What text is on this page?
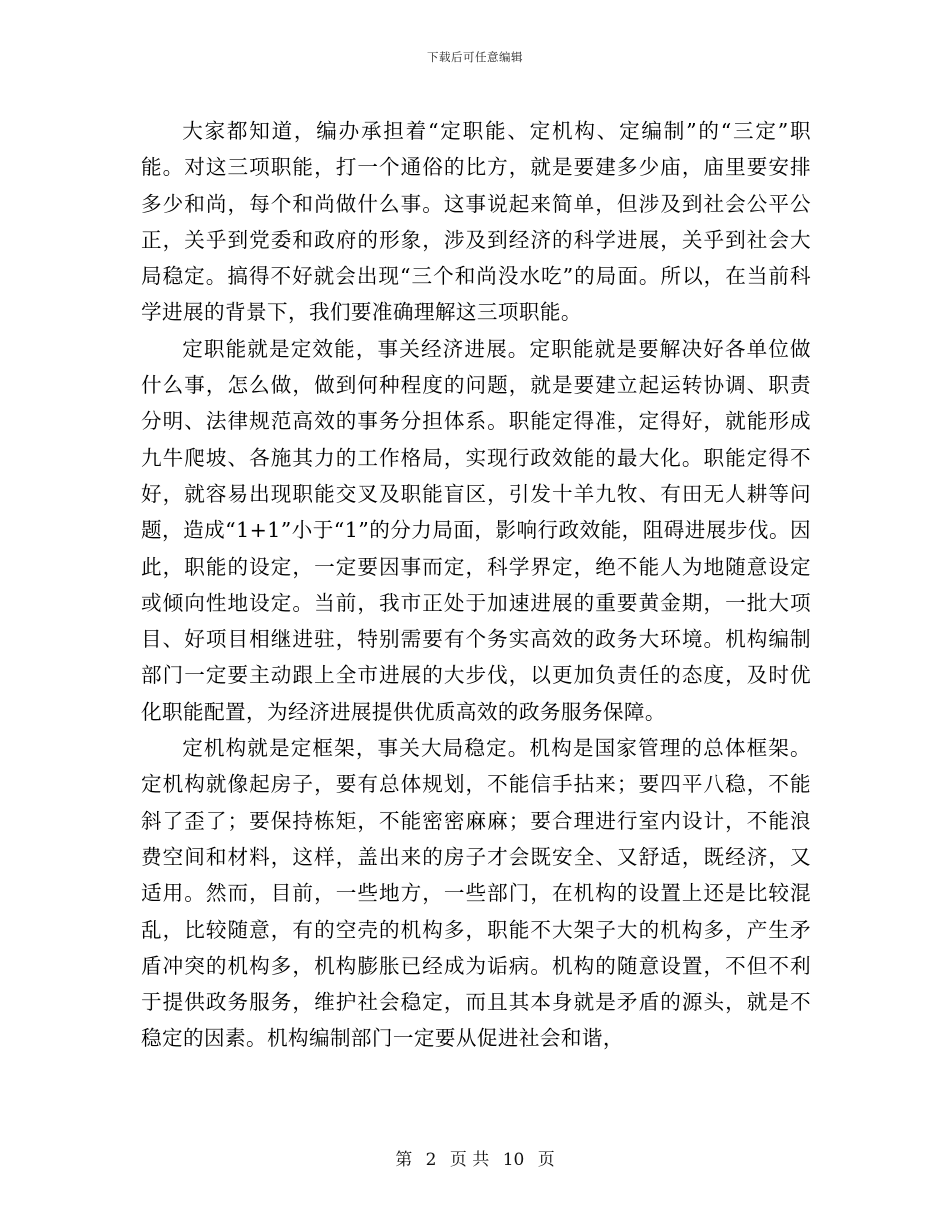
下载后可任意编辑

大家都知道，编办承担着“定职能、定机构、定编制”的“三定”职能。对这三项职能，打一个通俗的比方，就是要建多少庙，庙里要安排多少和尚，每个和尚做什么事。这事说起来简单，但涉及到社会公平公正，关乎到党委和政府的形象，涉及到经济的科学进展，关乎到社会大局稳定。搞得不好就会出现“三个和尚没水吃”的局面。所以，在当前科学进展的背景下，我们要准确理解这三项职能。

定职能就是定效能，事关经济进展。定职能就是要解决好各单位做什么事，怎么做，做到何种程度的问题，就是要建立起运转协调、职责分明、法律规范高效的事务分担体系。职能定得准，定得好，就能形成九牛爬坡、各施其力的工作格局，实现行政效能的最大化。职能定得不好，就容易出现职能交叉及职能盲区，引发十羊九牧、有田无人耕等问题，造成“1+1”小于“1”的分力局面，影响行政效能，阻碍进展步伐。因此，职能的设定，一定要因事而定，科学界定，绝不能人为地随意设定或倾向性地设定。当前，我市正处于加速进展的重要黄金期，一批大项目、好项目相继进驻，特别需要有个务实高效的政务大环境。机构编制部门一定要主动跟上全市进展的大步伐，以更加负责任的态度，及时优化职能配置，为经济进展提供优质高效的政务服务保障。

定机构就是定框架，事关大局稳定。机构是国家管理的总体框架。定机构就像起房子，要有总体规划，不能信手拈来；要四平八稳，不能斜了歪了；要保持栋矩，不能密密麻麻；要合理进行室内设计，不能浪费空间和材料，这样，盖出来的房子才会既安全、又舒适，既经济，又适用。然而，目前，一些地方，一些部门，在机构的设置上还是比较混乱，比较随意，有的空壳的机构多，职能不大架子大的机构多，产生矛盾冲突的机构多，机构膨胀已经成为诟病。机构的随意设置，不但不利于提供政务服务，维护社会稳定，而且其本身就是矛盾的源头，就是不稳定的因素。机构编制部门一定要从促进社会和谐，

第 2 页 共 10 页
